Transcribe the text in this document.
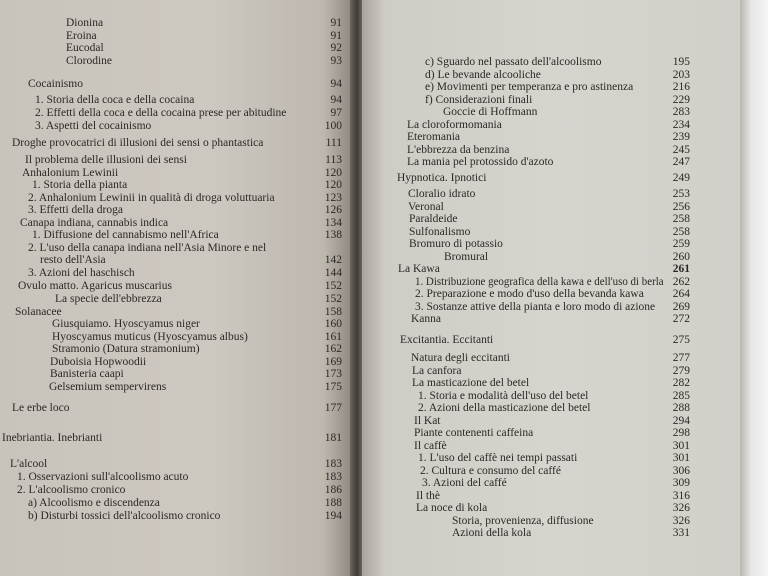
Dionina	91
Eroina	91
Eucodal	92
Clorodine	93
Cocainismo	94
1. Storia della coca e della cocaina	94
2. Effetti della coca e della cocaina prese per abitudine	97
3. Aspetti del cocainismo	100
Droghe provocatrici di illusioni dei sensi o phantastica	111
Il problema delle illusioni dei sensi	113
Anhalonium Lewinii	120
1. Storia della pianta	120
2. Anhalonium Lewinii in qualità di droga voluttuaria	123
3. Effetti della droga	126
Canapa indiana, cannabis indica	134
1. Diffusione del cannabismo nell'Africa	138
2. L'uso della canapa indiana nell'Asia Minore e nel
resto dell'Asia	142
3. Azioni del haschisch	144
Ovulo matto. Agaricus muscarius	152
La specie dell'ebbrezza	152
Solanacee	158
Giusquiamo. Hyoscyamus niger	160
Hyoscyamus muticus (Hyoscyamus albus)	161
Stramonio (Datura stramonium)	162
Duboisia Hopwoodii	169
Banisteria caapi	173
Gelsemium sempervirens	175
Le erbe loco	177
Inebriantia. Inebrianti	181
L'alcool	183
1. Osservazioni sull'alcoolismo acuto	183
2. L'alcoolismo cronico	186
a) Alcoolismo e discendenza	188
b) Disturbi tossici dell'alcoolismo cronico	194
c) Sguardo nel passato dell'alcoolismo	195
d) Le bevande alcooliche	203
e) Movimenti per temperanza e pro astinenza	216
f) Considerazioni finali	229
Goccie di Hoffmann	283
La cloroformomania	234
Eteromania	239
L'ebbrezza da benzina	245
La mania pel protossido d'azoto	247
Hypnotica. Ipnotici	249
Cloralio idrato	253
Veronal	256
Paraldeide	258
Sulfonalismo	258
Bromuro di potassio	259
Bromural	260
La Kawa	261
1. Distribuzione geografica della kawa e dell'uso di berla 262
2. Preparazione e modo d'uso della bevanda kawa	264
3. Sostanze attive della pianta e loro modo di azione	269
Kanna	272
Excitantia. Eccitanti	275
Natura degli eccitanti	277
La canfora	279
La masticazione del betel	282
1. Storia e modalità dell'uso del betel	285
2. Azioni della masticazione del betel	288
Il Kat	294
Piante contenenti caffeina	298
Il caffè	301
1. L'uso del caffè nei tempi passati	301
2. Cultura e consumo del caffé	306
3. Azioni del caffé	309
Il thè	316
La noce di kola	326
Storia, provenienza, diffusione	326
Azioni della kola	331
